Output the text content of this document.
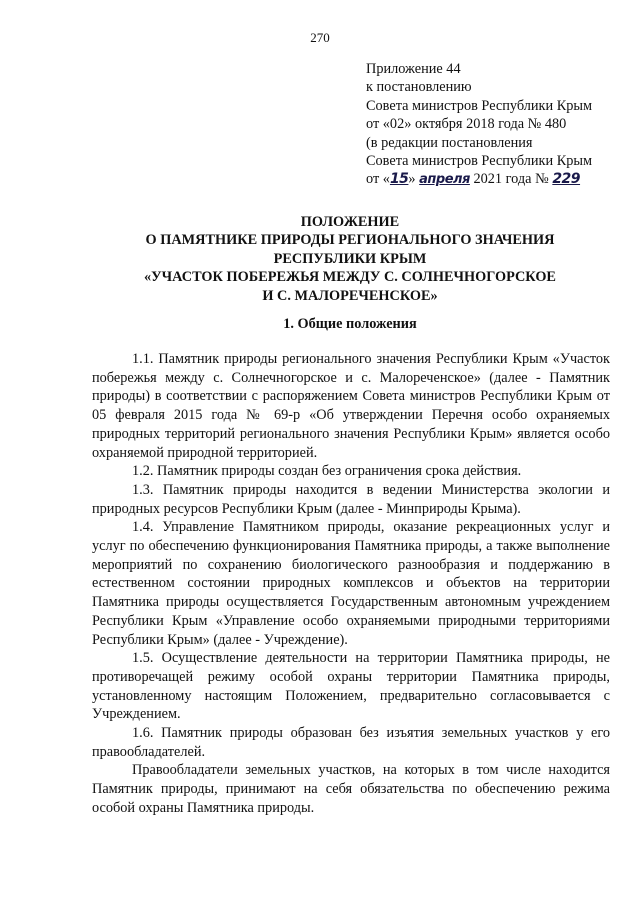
270
Приложение 44
к постановлению
Совета министров Республики Крым
от «02» октября 2018 года № 480
(в редакции постановления
Совета министров Республики Крым
от «15» апреля 2021 года № 229
ПОЛОЖЕНИЕ
О ПАМЯТНИКЕ ПРИРОДЫ РЕГИОНАЛЬНОГО ЗНАЧЕНИЯ
РЕСПУБЛИКИ КРЫМ
«УЧАСТОК ПОБЕРЕЖЬЯ МЕЖДУ С. СОЛНЕЧНОГОРСКОЕ
И С. МАЛОРЕЧЕНСКОЕ»
1. Общие положения

1.1. Памятник природы регионального значения Республики Крым «Участок побережья между с. Солнечногорское и с. Малореченское» (далее - Памятник природы) в соответствии с распоряжением Совета министров Республики Крым от 05 февраля 2015 года № 69-р «Об утверждении Перечня особо охраняемых природных территорий регионального значения Республики Крым» является особо охраняемой природной территорией.

1.2. Памятник природы создан без ограничения срока действия.

1.3. Памятник природы находится в ведении Министерства экологии и природных ресурсов Республики Крым (далее - Минприроды Крыма).

1.4. Управление Памятником природы, оказание рекреационных услуг и услуг по обеспечению функционирования Памятника природы, а также выполнение мероприятий по сохранению биологического разнообразия и поддержанию в естественном состоянии природных комплексов и объектов на территории Памятника природы осуществляется Государственным автономным учреждением Республики Крым «Управление особо охраняемыми природными территориями Республики Крым» (далее - Учреждение).

1.5. Осуществление деятельности на территории Памятника природы, не противоречащей режиму особой охраны территории Памятника природы, установленному настоящим Положением, предварительно согласовывается с Учреждением.

1.6. Памятник природы образован без изъятия земельных участков у его правообладателей.

Правообладатели земельных участков, на которых в том числе находится Памятник природы, принимают на себя обязательства по обеспечению режима особой охраны Памятника природы.
